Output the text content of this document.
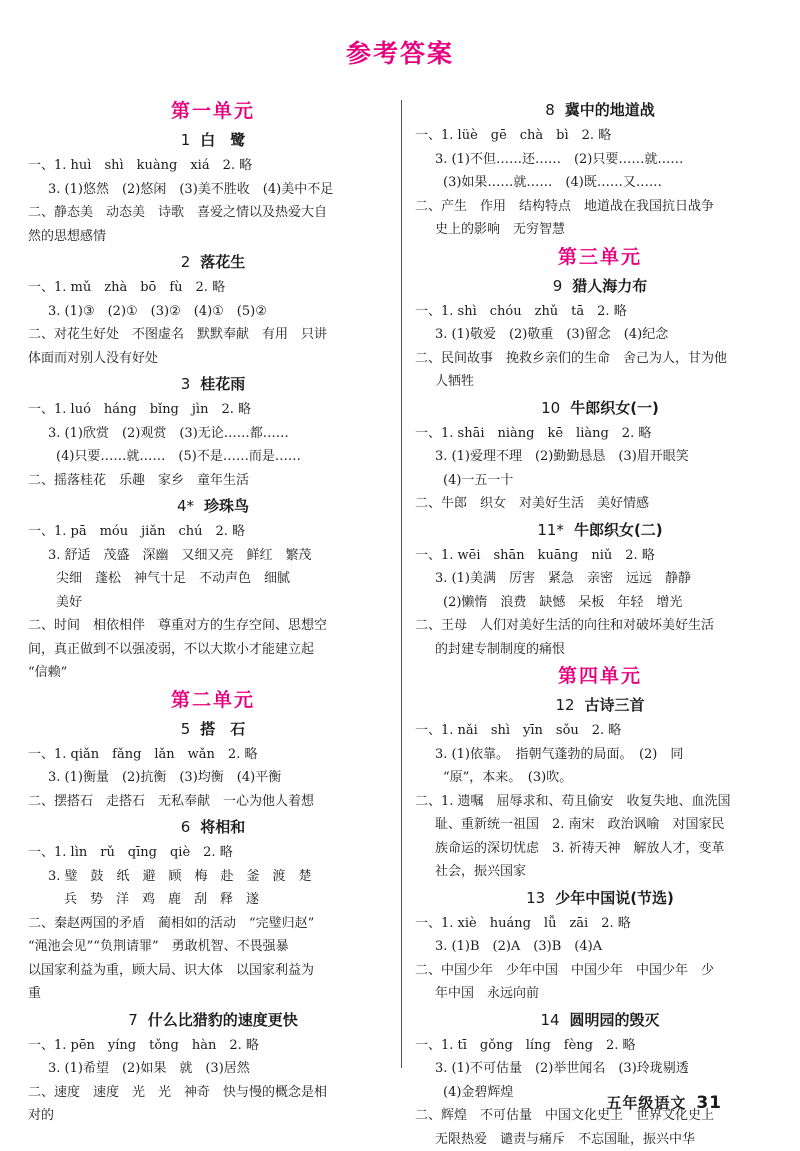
参考答案
第一单元
1 白　鹭
一、1. huì　shì　kuàng　xiá　2. 略
3. (1)悠然　(2)悠闲　(3)美不胜收　(4)美中不足
二、静态美　动态美　诗歌　喜爱之情以及热爱大自
然的思想感情
2 落花生
一、1. mǔ　zhà　bō　fù　2. 略
3. (1)③　(2)①　(3)②　(4)①　(5)②
二、对花生好处　不图虚名　默默奉献　有用　只讲
体面而对别人没有好处
3 桂花雨
一、1. luó　háng　bǐng　jìn　2. 略
3. (1)欣赏　(2)观赏　(3)无论……都……
(4)只要……就……　(5)不是……而是……
二、摇落桂花　乐趣　家乡　童年生活
4* 珍珠鸟
一、1. pā　móu　jiǎn　chú　2. 略
3. 舒适　茂盛　深幽　又细又亮　鲜红　繁茂
尖细　蓬松　神气十足　不动声色　细腻
美好
二、时间　相依相伴　尊重对方的生存空间、思想空
间，真正做到不以强凌弱，不以大欺小才能建立起
“信赖”
第二单元
5 搭　石
一、1. qiǎn　fǎng　lǎn　wǎn　2. 略
3. (1)衡量　(2)抗衡　(3)均衡　(4)平衡
二、摆搭石　走搭石　无私奉献　一心为他人着想
6 将相和
一、1. lìn　rǔ　qīng　qiè　2. 略
3. 璧　鼓　纸　避　顾　梅　赴　釜　渡　楚
兵　势　洋　鸡　鹿　刮　释　遂
二、秦赵两国的矛盾　蔺相如的活动　“完璧归赵”
“渑池会见”“负荆请罪”　勇敢机智、不畏强暴
以国家利益为重，顾大局、识大体　以国家利益为
重
7 什么比猎豹的速度更快
一、1. pēn　yíng　tǒng　hàn　2. 略
3. (1)希望　(2)如果　就　(3)居然
二、速度　速度　光　光　神奇　快与慢的概念是相
对的
8 冀中的地道战
一、1. lüè　gē　chà　bì　2. 略
3. (1)不但……还……　(2)只要……就……
(3)如果……就……　(4)既……又……
二、产生　作用　结构特点　地道战在我国抗日战争
史上的影响　无穷智慧
第三单元
9 猎人海力布
一、1. shì　chóu　zhǔ　tā　2. 略
3. (1)敬爱　(2)敬重　(3)留念　(4)纪念
二、民间故事　挽救乡亲们的生命　舍己为人，甘为他
人牺牲
10 牛郎织女(一)
一、1. shāi　niàng　kē　liàng　2. 略
3. (1)爱理不理　(2)勤勤恳恳　(3)眉开眼笑
(4)一五一十
二、牛郎　织女　对美好生活　美好情感
11* 牛郎织女(二)
一、1. wēi　shān　kuāng　niǔ　2. 略
3. (1)美满　厉害　紧急　亲密　远远　静静
(2)懒惰　浪费　缺憾　呆板　年轻　增光
二、王母　人们对美好生活的向往和对破坏美好生活
的封建专制制度的痛恨
第四单元
12 古诗三首
一、1. nǎi　shì　yīn　sǒu　2. 略
3. (1)依靠。　指朝气蓬勃的局面。　(2)　同
“原”，本来。　(3)吹。
二、1. 遗嘱　屈辱求和、苟且偷安　收复失地、血洗国
耻、重新统一祖国　2. 南宋　政治讽喻　对国家民
族命运的深切忧虑　3. 祈祷天神　解放人才，变革
社会，振兴国家
13 少年中国说(节选)
一、1. xiè　huáng　lǚ　zāi　2. 略
3. (1)B　(2)A　(3)B　(4)A
二、中国少年　少年中国　中国少年　中国少年　少
年中国　永远向前
14 圆明园的毁灭
一、1. tī　gǒng　líng　fèng　2. 略
3. (1)不可估量　(2)举世闻名　(3)玲珑剔透
(4)金碧辉煌
二、辉煌　不可估量　中国文化史上　世界文化史上
无限热爱　谴责与痛斥　不忘国耻，振兴中华
五年级语文 31
